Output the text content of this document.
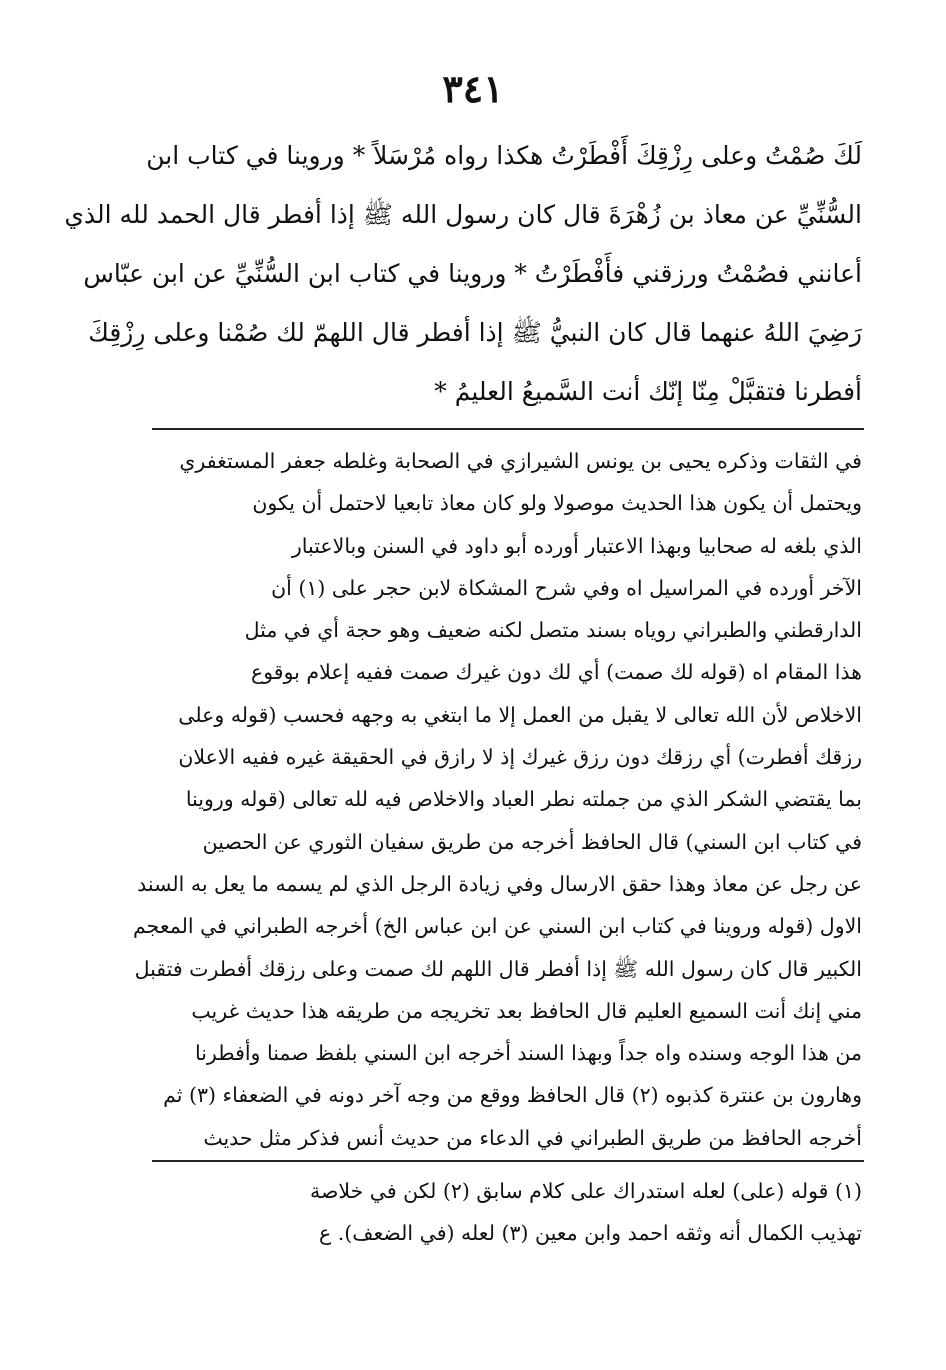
٣٤١
لَكَ صُمْتُ وعلى رِزْقِكَ أَفْطَرْتُ هكذا رواه مُرْسَلاً * وروينا في كتاب ابن
السُّنِّيِّ عن معاذ بن زُهْرَةَ قال كان رسول الله ﷺ إذا أفطر قال الحمد لله الذي
أعانني فصُمْتُ ورزقني فأَفْطَرْتُ * وروينا في كتاب ابن السُّنِّيِّ عن ابن عبّاس
رَضِيَ اللهُ عنهما قال كان النبيُّ ﷺ إذا أفطر قال اللهمّ لك صُمْنا وعلى رِزْقِكَ
أفطرنا فتقبَّلْ مِنّا إنّك أنت السَّميعُ العليمُ *
في الثقات وذكره يحيى بن يونس الشيرازي في الصحابة وغلطه جعفر المستغفري
ويحتمل أن يكون هذا الحديث موصولا ولو كان معاذ تابعيا لاحتمل أن يكون
الذي بلغه له صحابيا وبهذا الاعتبار أورده أبو داود في السنن وبالاعتبار
الآخر أورده في المراسيل اه وفي شرح المشكاة لابن حجر على (١) أن
الدارقطني والطبراني روياه بسند متصل لكنه ضعيف وهو حجة أي في مثل
هذا المقام اه (قوله لك صمت) أي لك دون غيرك صمت ففيه إعلام بوقوع
الاخلاص لأن الله تعالى لا يقبل من العمل إلا ما ابتغي به وجهه فحسب (قوله وعلى
رزقك أفطرت) أي رزقك دون رزق غيرك إذ لا رازق في الحقيقة غيره ففيه الاعلان
بما يقتضي الشكر الذي من جملته نطر العباد والاخلاص فيه لله تعالى (قوله وروينا
في كتاب ابن السني) قال الحافظ أخرجه من طريق سفيان الثوري عن الحصين
عن رجل عن معاذ وهذا حقق الارسال وفي زيادة الرجل الذي لم يسمه ما يعل به السند
الاول (قوله وروينا في كتاب ابن السني عن ابن عباس الخ) أخرجه الطبراني في المعجم
الكبير قال كان رسول الله ﷺ إذا أفطر قال اللهم لك صمت وعلى رزقك أفطرت فتقبل
مني إنك أنت السميع العليم قال الحافظ بعد تخريجه من طريقه هذا حديث غريب
من هذا الوجه وسنده واه جداً وبهذا السند أخرجه ابن السني بلفظ صمنا وأفطرنا
وهارون بن عنترة كذبوه (٢) قال الحافظ ووقع من وجه آخر دونه في الضعفاء (٣) ثم
أخرجه الحافظ من طريق الطبراني في الدعاء من حديث أنس فذكر مثل حديث
(١) قوله (على) لعله استدراك على كلام سابق (٢) لكن في خلاصة
تهذيب الكمال أنه وثقه احمد وابن معين (٣) لعله (في الضعف). ع
